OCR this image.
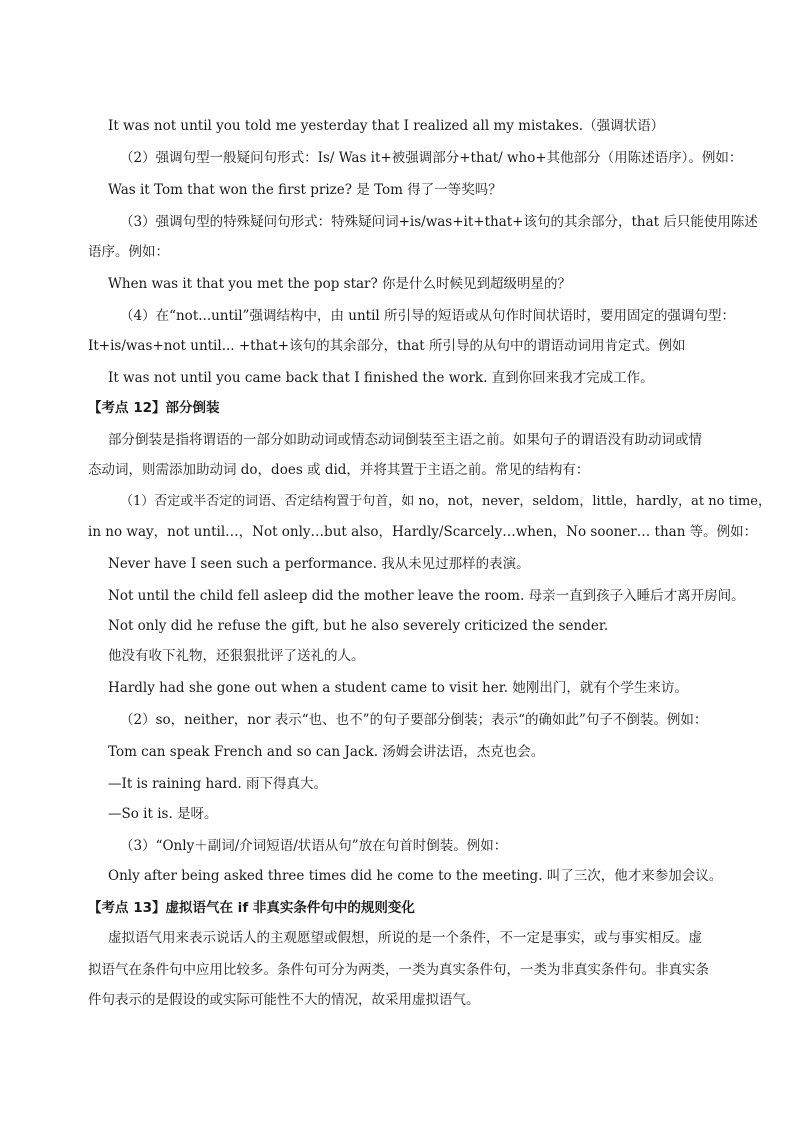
It was not until you told me yesterday that I realized all my mistakes.（强调状语）
（2）强调句型一般疑问句形式：Is/ Was it+被强调部分+that/ who+其他部分（用陈述语序）。例如：
Was it Tom that won the first prize? 是 Tom 得了一等奖吗？
（3）强调句型的特殊疑问句形式：特殊疑问词+is/was+it+that+该句的其余部分，that 后只能使用陈述
语序。例如：
When was it that you met the pop star? 你是什么时候见到超级明星的？
（4）在“not...until”强调结构中，由 until 所引导的短语或从句作时间状语时，要用固定的强调句型：
It+is/was+not until... +that+该句的其余部分，that 所引导的从句中的谓语动词用肯定式。例如
It was not until you came back that I finished the work. 直到你回来我才完成工作。
【考点 12】部分倒装
部分倒装是指将谓语的一部分如助动词或情态动词倒装至主语之前。如果句子的谓语没有助动词或情
态动词，则需添加助动词 do，does 或 did，并将其置于主语之前。常见的结构有：
（1）否定或半否定的词语、否定结构置于句首，如 no，not，never，seldom，little，hardly，at no time，
in no way，not until…，Not only…but also，Hardly/Scarcely…when，No sooner… than 等。例如：
Never have I seen such a performance. 我从未见过那样的表演。
Not until the child fell asleep did the mother leave the room. 母亲一直到孩子入睡后才离开房间。
Not only did he refuse the gift, but he also severely criticized the sender.
他没有收下礼物，还狠狠批评了送礼的人。
Hardly had she gone out when a student came to visit her. 她刚出门，就有个学生来访。
（2）so，neither，nor 表示“也、也不”的句子要部分倒装；表示“的确如此”句子不倒装。例如：
Tom can speak French and so can Jack. 汤姆会讲法语，杰克也会。
—It is raining hard. 雨下得真大。
—So it is. 是呀。
（3）“Only＋副词/介词短语/状语从句”放在句首时倒装。例如：
Only after being asked three times did he come to the meeting. 叫了三次，他才来参加会议。
【考点 13】虚拟语气在 if 非真实条件句中的规则变化
虚拟语气用来表示说话人的主观愿望或假想，所说的是一个条件，不一定是事实，或与事实相反。虚
拟语气在条件句中应用比较多。条件句可分为两类，一类为真实条件句，一类为非真实条件句。非真实条
件句表示的是假设的或实际可能性不大的情况，故采用虚拟语气。
